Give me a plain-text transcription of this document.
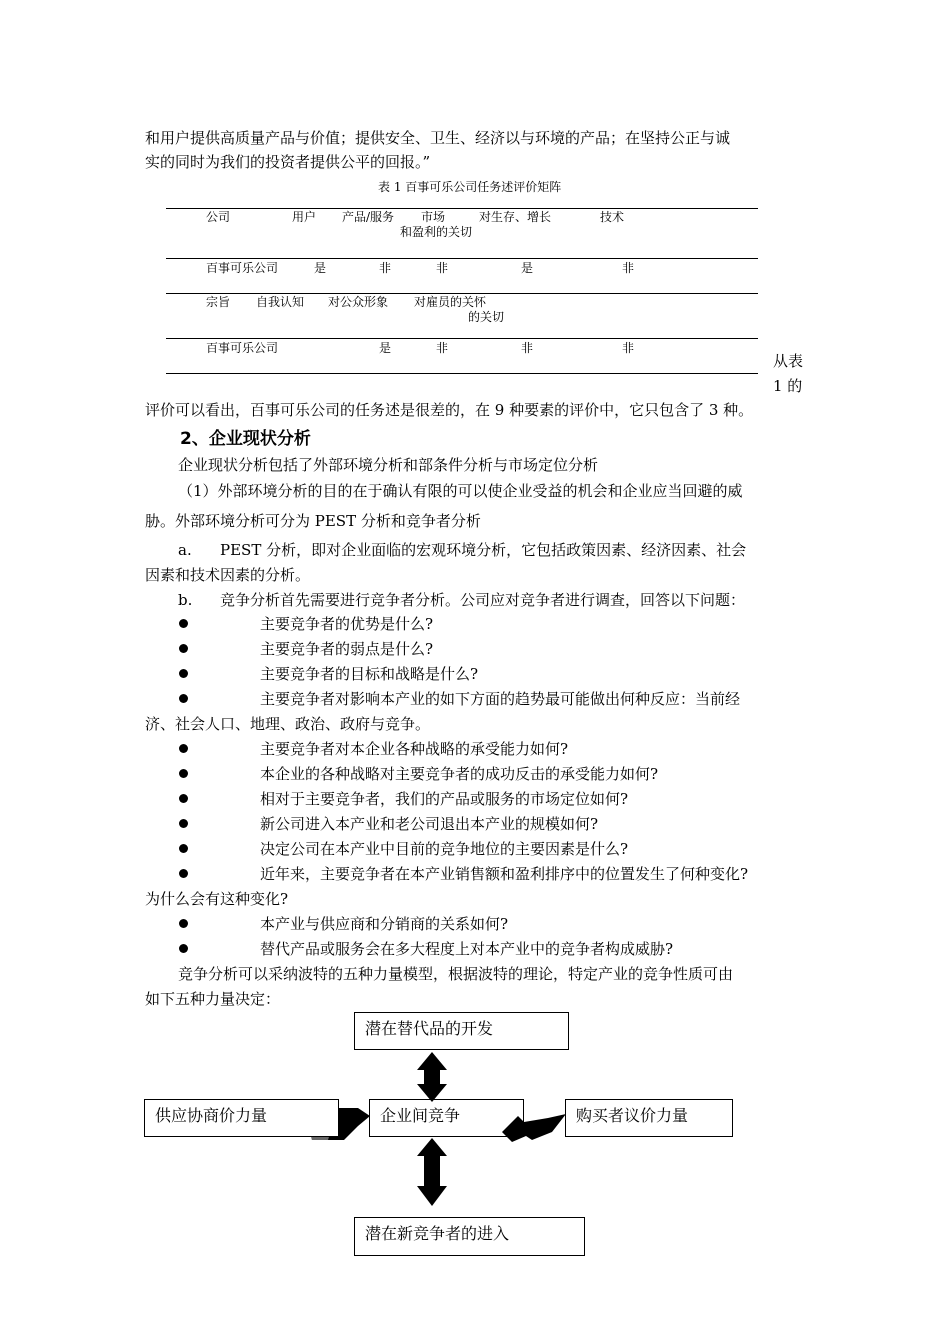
和用户提供高质量产品与价值；提供安全、卫生、经济以与环境的产品；在坚持公正与诚
实的同时为我们的投资者提供公平的回报。”
表 1 百事可乐公司任务述评价矩阵
公司	用户 产品/服务 市场	对生存、增长	技术
和盈利的关切
百事可乐公司	是	非	非	是	非
宗旨 自我认知 对公众形象 对雇员的关怀
的关切
百事可乐公司	是	非	非	非
从表
1 的
评价可以看出，百事可乐公司的任务述是很差的，在 9 种要素的评价中，它只包含了 3 种。
2、企业现状分析
企业现状分析包括了外部环境分析和部条件分析与市场定位分析
（1）外部环境分析的目的在于确认有限的可以使企业受益的机会和企业应当回避的威
胁。外部环境分析可分为 PEST 分析和竞争者分析
a. PEST 分析，即对企业面临的宏观环境分析，它包括政策因素、经济因素、社会
因素和技术因素的分析。
b. 竞争分析首先需要进行竞争者分析。公司应对竞争者进行调查，回答以下问题：
主要竞争者的优势是什么?
主要竞争者的弱点是什么?
主要竞争者的目标和战略是什么?
主要竞争者对影响本产业的如下方面的趋势最可能做出何种反应：当前经
济、社会人口、地理、政治、政府与竞争。
主要竞争者对本企业各种战略的承受能力如何?
本企业的各种战略对主要竞争者的成功反击的承受能力如何?
相对于主要竞争者，我们的产品或服务的市场定位如何?
新公司进入本产业和老公司退出本产业的规模如何?
决定公司在本产业中目前的竞争地位的主要因素是什么?
近年来，主要竞争者在本产业销售额和盈利排序中的位置发生了何种变化?
为什么会有这种变化?
本产业与供应商和分销商的关系如何?
替代产品或服务会在多大程度上对本产业中的竞争者构成威胁?
竞争分析可以采纳波特的五种力量模型，根据波特的理论，特定产业的竞争性质可由
如下五种力量决定：
潜在替代品的开发
供应协商价力量	企业间竞争	购买者议价力量
潜在新竞争者的进入
